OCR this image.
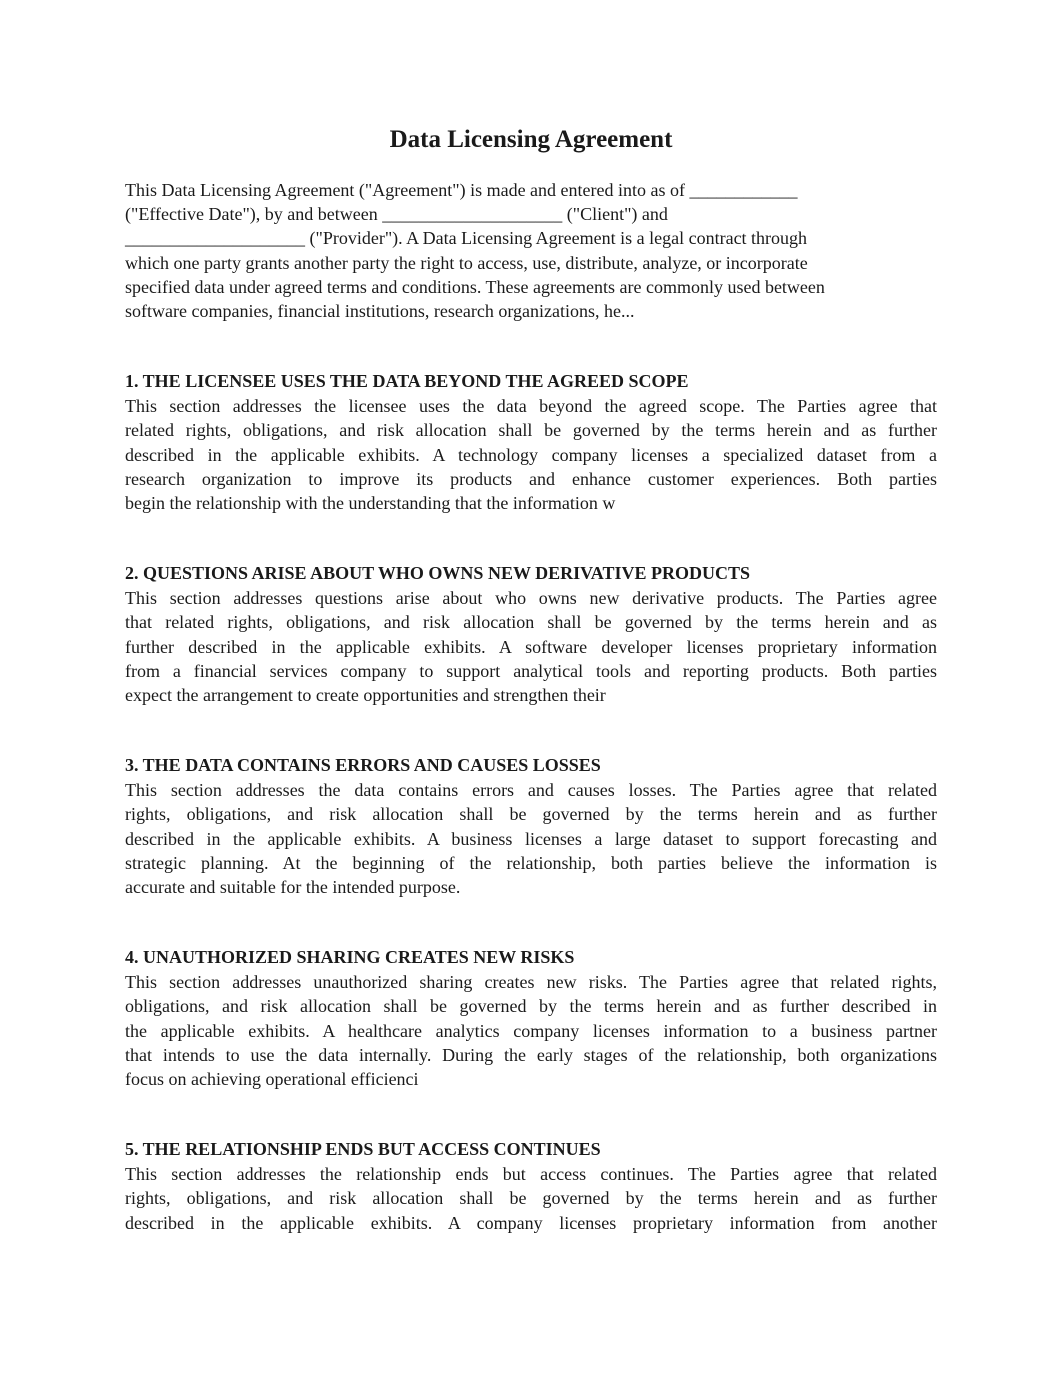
Data Licensing Agreement

This Data Licensing Agreement ("Agreement") is made and entered into as of ____________
("Effective Date"), by and between ____________________ ("Client") and
____________________ ("Provider"). A Data Licensing Agreement is a legal contract through
which one party grants another party the right to access, use, distribute, analyze, or incorporate
specified data under agreed terms and conditions. These agreements are commonly used between
software companies, financial institutions, research organizations, he...

1. THE LICENSEE USES THE DATA BEYOND THE AGREED SCOPE

This section addresses the licensee uses the data beyond the agreed scope. The Parties agree that
related rights, obligations, and risk allocation shall be governed by the terms herein and as further
described in the applicable exhibits. A technology company licenses a specialized dataset from a
research organization to improve its products and enhance customer experiences. Both parties
begin the relationship with the understanding that the information w

2. QUESTIONS ARISE ABOUT WHO OWNS NEW DERIVATIVE PRODUCTS

This section addresses questions arise about who owns new derivative products. The Parties agree
that related rights, obligations, and risk allocation shall be governed by the terms herein and as
further described in the applicable exhibits. A software developer licenses proprietary information
from a financial services company to support analytical tools and reporting products. Both parties
expect the arrangement to create opportunities and strengthen their

3. THE DATA CONTAINS ERRORS AND CAUSES LOSSES

This section addresses the data contains errors and causes losses. The Parties agree that related
rights, obligations, and risk allocation shall be governed by the terms herein and as further
described in the applicable exhibits. A business licenses a large dataset to support forecasting and
strategic planning. At the beginning of the relationship, both parties believe the information is
accurate and suitable for the intended purpose.

4. UNAUTHORIZED SHARING CREATES NEW RISKS

This section addresses unauthorized sharing creates new risks. The Parties agree that related rights,
obligations, and risk allocation shall be governed by the terms herein and as further described in
the applicable exhibits. A healthcare analytics company licenses information to a business partner
that intends to use the data internally. During the early stages of the relationship, both organizations
focus on achieving operational efficienci

5. THE RELATIONSHIP ENDS BUT ACCESS CONTINUES

This section addresses the relationship ends but access continues. The Parties agree that related
rights, obligations, and risk allocation shall be governed by the terms herein and as further
described in the applicable exhibits. A company licenses proprietary information from another
